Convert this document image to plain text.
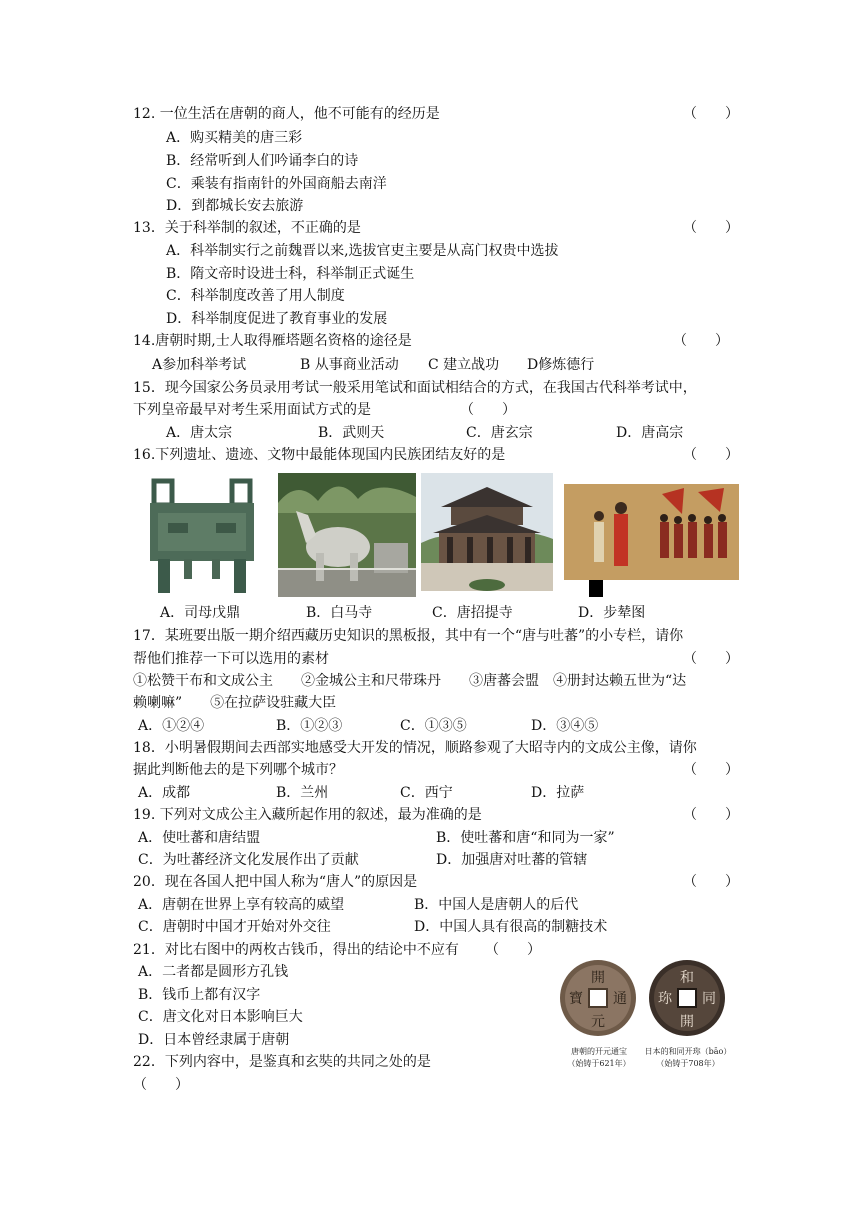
12. 一位生活在唐朝的商人，他不可能有的经历是	（　　）
A．购买精美的唐三彩
B．经常听到人们吟诵李白的诗
C．乘装有指南针的外国商船去南洋
D．到都城长安去旅游
13．关于科举制的叙述，不正确的是	（　　）
A．科举制实行之前魏晋以来,选拔官吏主要是从高门权贵中选拔
B．隋文帝时设进士科，科举制正式诞生
C．科举制度改善了用人制度
D．科举制度促进了教育事业的发展
14.唐朝时期,士人取得雁塔题名资格的途径是	（　　）
A参加科举考试	B 从事商业活动 C 建立战功 D修炼德行
15．现今国家公务员录用考试一般采用笔试和面试相结合的方式，在我国古代科举考试中，
下列皇帝最早对考生采用面试方式的是	（　　）
A．唐太宗	B．武则天	C．唐玄宗	D．唐高宗
16.下列遗址、遗迹、文物中最能体现国内民族团结友好的是	（　　）
A．司母戊鼎	B．白马寺	C．唐招提寺	D．步辇图
17．某班要出版一期介绍西藏历史知识的黑板报，其中有一个“唐与吐蕃”的小专栏，请你
帮他们推荐一下可以选用的素材	（　　）
①松赞干布和文成公主　　②金城公主和尺带珠丹　　③唐蕃会盟　④册封达赖五世为“达
赖喇嘛”　　⑤在拉萨设驻藏大臣
A．①②④	B．①②③	C．①③⑤	D．③④⑤
18．小明暑假期间去西部实地感受大开发的情况，顺路参观了大昭寺内的文成公主像，请你
据此判断他去的是下列哪个城市？	（　　）
A．成都	B．兰州	C．西宁	D．拉萨
19. 下列对文成公主入藏所起作用的叙述，最为准确的是	（　　）
A．使吐蕃和唐结盟	B．使吐蕃和唐“和同为一家”
C．为吐蕃经济文化发展作出了贡献	D．加强唐对吐蕃的管辖
20．现在各国人把中国人称为“唐人”的原因是	（　　）
A．唐朝在世界上享有较高的威望	B．中国人是唐朝人的后代
C．唐朝时中国才开始对外交往	D．中国人具有很高的制糖技术
21．对比右图中的两枚古钱币，得出的结论中不应有 （　　）
A．二者都是圆形方孔钱
B．钱币上都有汉字
C．唐文化对日本影响巨大
D．日本曾经隶属于唐朝
開
元
通
寶
和
同
開
珎
唐朝的开元通宝
（始铸于621年）
日本的和同开珎（bāo）
（始铸于708年）
22．下列内容中，是鉴真和玄奘的共同之处的是
（　　）
